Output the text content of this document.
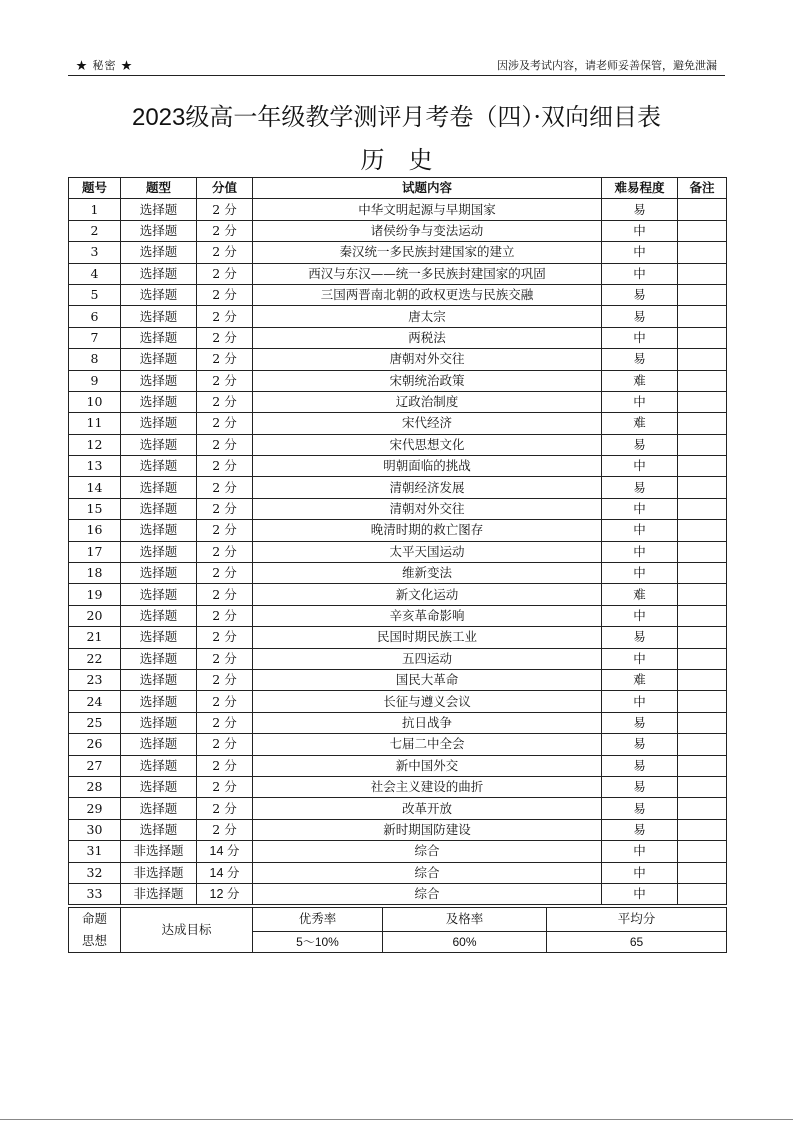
★ 秘密 ★	因涉及考试内容，请老师妥善保管，避免泄漏
2023级高一年级教学测评月考卷（四）·双向细目表
历史
题号	题型	分值	试题内容	难易程度	备注
1	选择题	2 分	中华文明起源与早期国家	易	
2	选择题	2 分	诸侯纷争与变法运动	中	
3	选择题	2 分	秦汉统一多民族封建国家的建立	中	
4	选择题	2 分	西汉与东汉——统一多民族封建国家的巩固	中	
5	选择题	2 分	三国两晋南北朝的政权更迭与民族交融	易	
6	选择题	2 分	唐太宗	易	
7	选择题	2 分	两税法	中	
8	选择题	2 分	唐朝对外交往	易	
9	选择题	2 分	宋朝统治政策	难	
10	选择题	2 分	辽政治制度	中	
11	选择题	2 分	宋代经济	难	
12	选择题	2 分	宋代思想文化	易	
13	选择题	2 分	明朝面临的挑战	中	
14	选择题	2 分	清朝经济发展	易	
15	选择题	2 分	清朝对外交往	中	
16	选择题	2 分	晚清时期的救亡图存	中	
17	选择题	2 分	太平天国运动	中	
18	选择题	2 分	维新变法	中	
19	选择题	2 分	新文化运动	难	
20	选择题	2 分	辛亥革命影响	中	
21	选择题	2 分	民国时期民族工业	易	
22	选择题	2 分	五四运动	中	
23	选择题	2 分	国民大革命	难	
24	选择题	2 分	长征与遵义会议	中	
25	选择题	2 分	抗日战争	易	
26	选择题	2 分	七届二中全会	易	
27	选择题	2 分	新中国外交	易	
28	选择题	2 分	社会主义建设的曲折	易	
29	选择题	2 分	改革开放	易	
30	选择题	2 分	新时期国防建设	易	
31	非选择题	14 分	综合	中	
32	非选择题	14 分	综合	中	
33	非选择题	12 分	综合	中	
命题思想	达成目标	优秀率	及格率	平均分
		5～10%	60%	65
